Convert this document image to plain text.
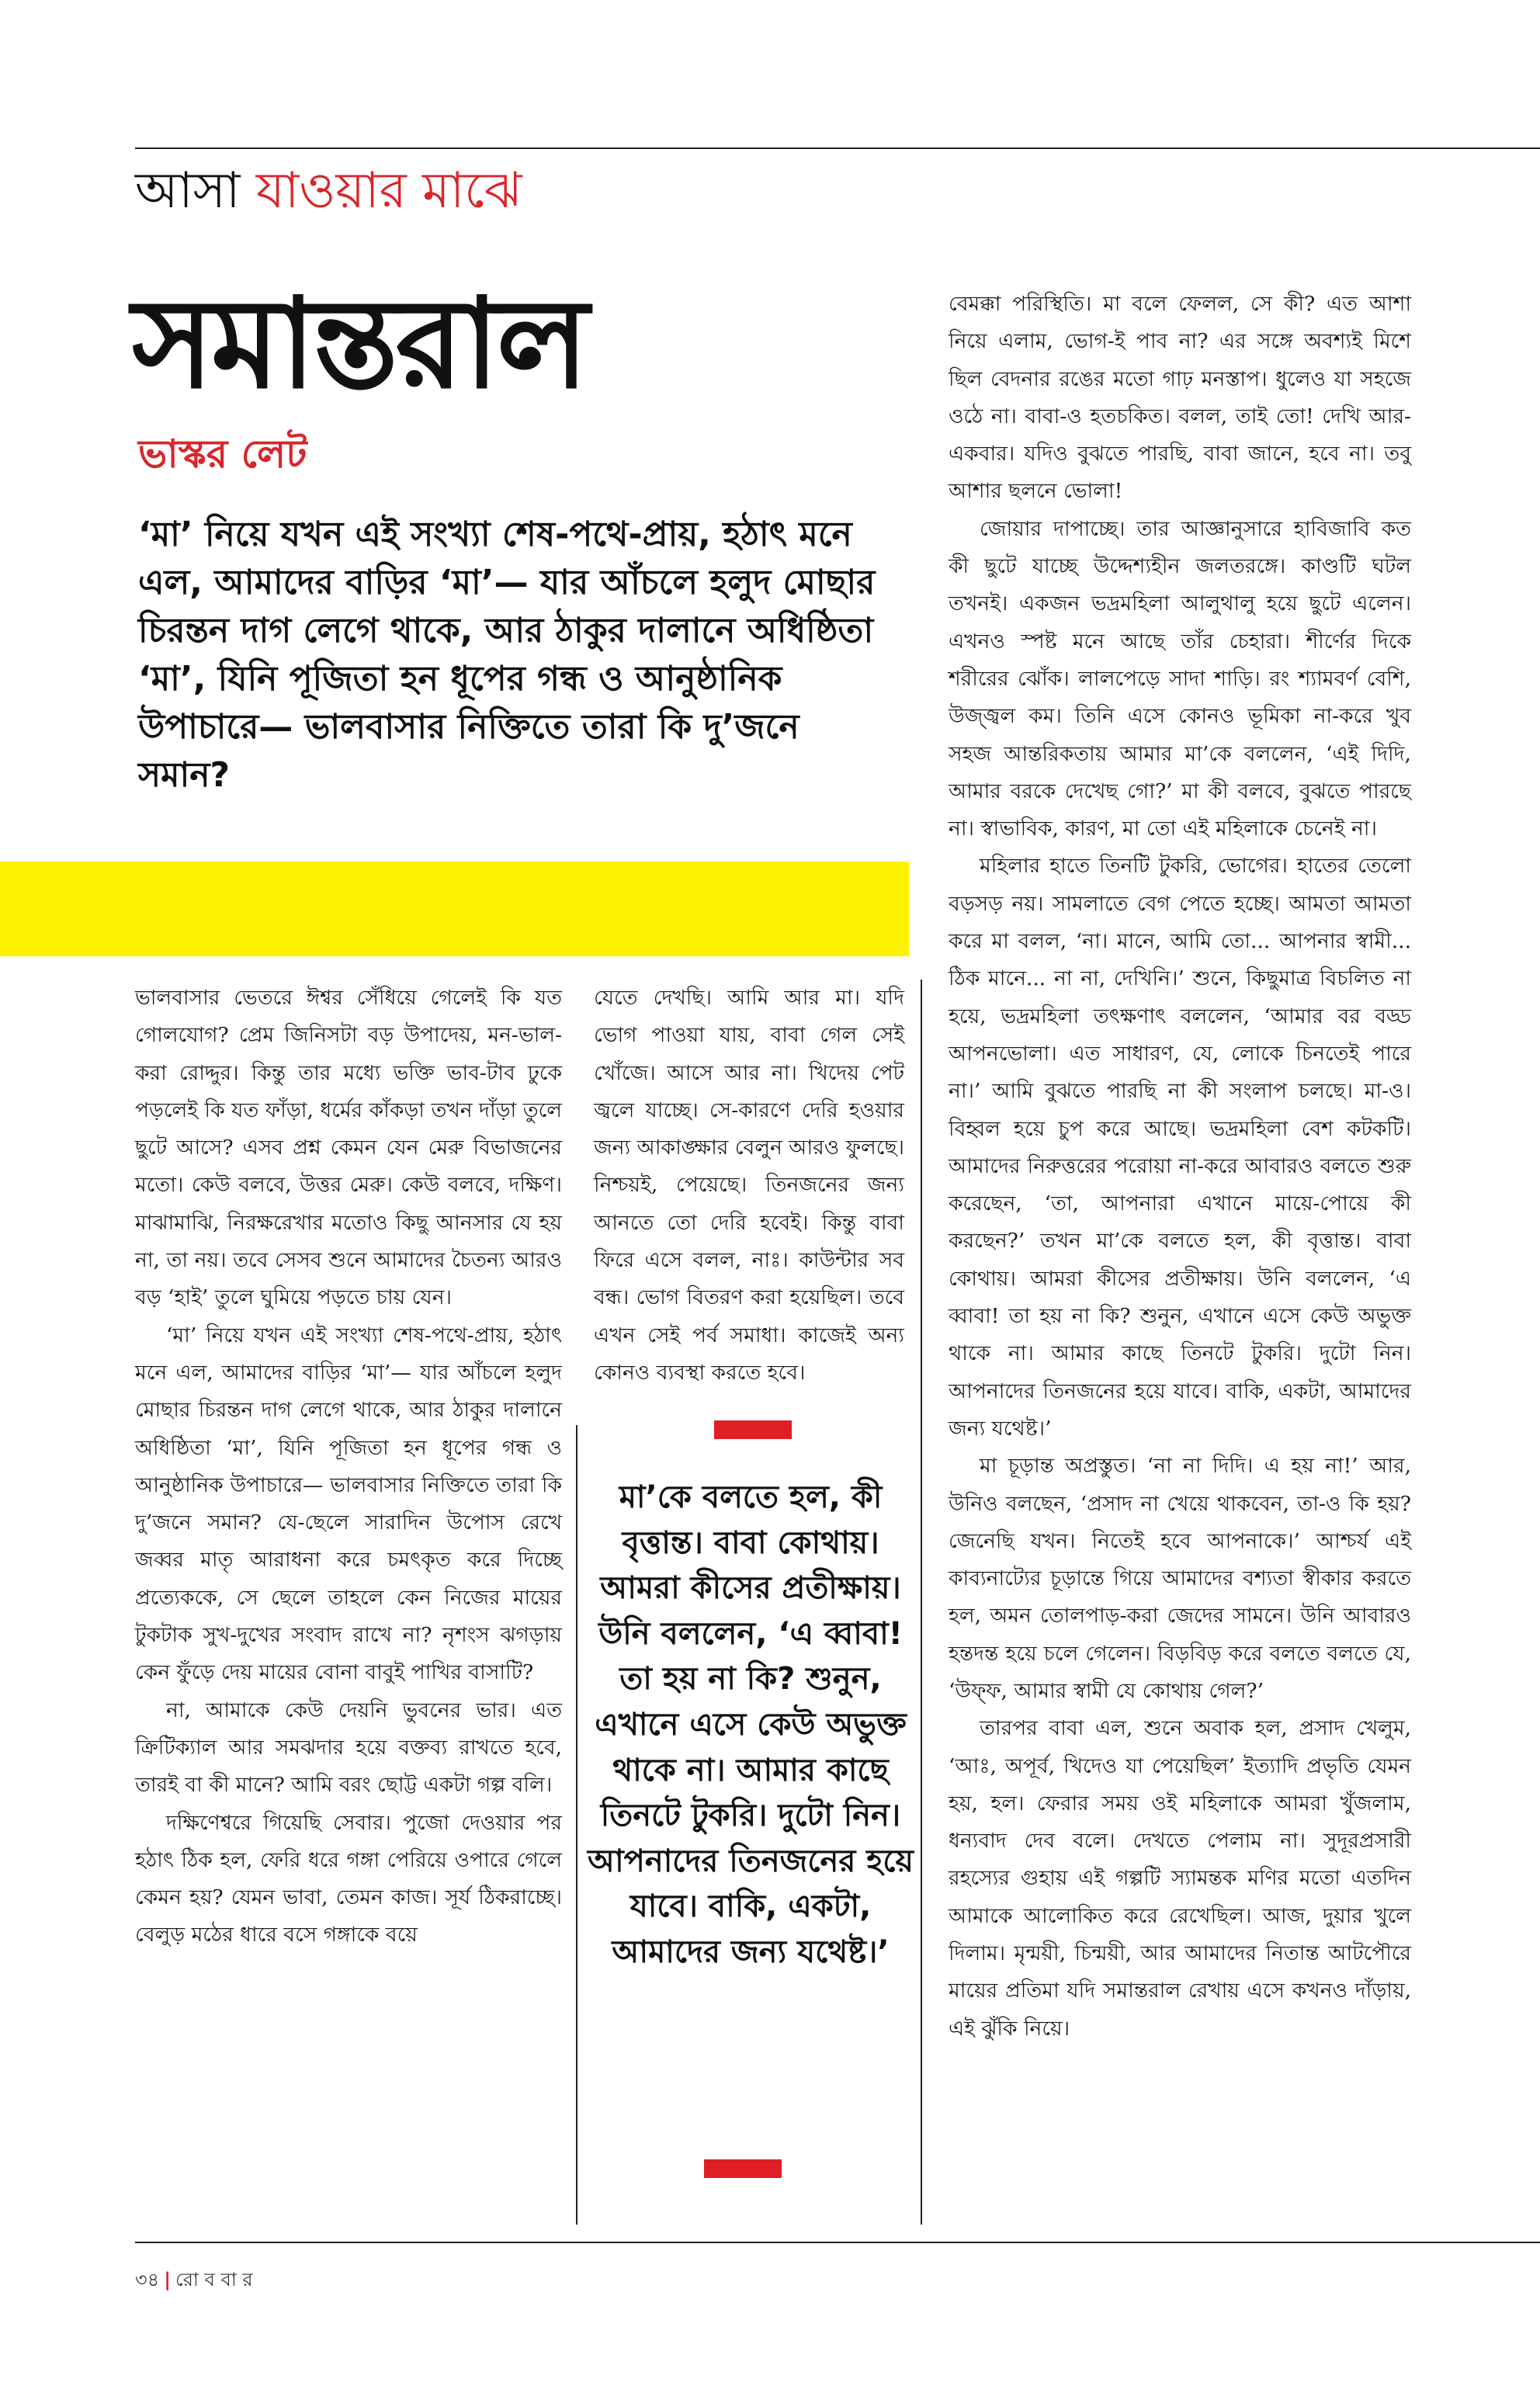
আসা যাওয়ার মাঝে
সমান্তরাল
ভাস্কর লেট
‘মা’ নিয়ে যখন এই সংখ্যা শেষ-পথে-প্রায়, হঠাৎ মনে এল, আমাদের বাড়ির ‘মা’— যার আঁচলে হলুদ মোছার চিরন্তন দাগ লেগে থাকে, আর ঠাকুর দালানে অধিষ্ঠিতা ‘মা’, যিনি পূজিতা হন ধূপের গন্ধ ও আনুষ্ঠানিক উপাচারে— ভালবাসার নিক্তিতে তারা কি দু’জনে সমান?

ভালবাসার ভেতরে ঈশ্বর সেঁধিয়ে গেলেই কি যত গোলযোগ? প্রেম জিনিসটা বড় উপাদেয়, মন-ভাল-করা রোদ্দুর। কিন্তু তার মধ্যে ভক্তি ভাব-টাব ঢুকে পড়লেই কি যত ফাঁড়া, ধর্মের কাঁকড়া তখন দাঁড়া তুলে ছুটে আসে? এসব প্রশ্ন কেমন যেন মেরু বিভাজনের মতো। কেউ বলবে, উত্তর মেরু। কেউ বলবে, দক্ষিণ। মাঝামাঝি, নিরক্ষরেখার মতোও কিছু আনসার যে হয় না, তা নয়। তবে সেসব শুনে আমাদের চৈতন্য আরও বড় ‘হাই’ তুলে ঘুমিয়ে পড়তে চায় যেন।

‘মা’ নিয়ে যখন এই সংখ্যা শেষ-পথে-প্রায়, হঠাৎ মনে এল, আমাদের বাড়ির ‘মা’— যার আঁচলে হলুদ মোছার চিরন্তন দাগ লেগে থাকে, আর ঠাকুর দালানে অধিষ্ঠিতা ‘মা’, যিনি পূজিতা হন ধূপের গন্ধ ও আনুষ্ঠানিক উপাচারে— ভালবাসার নিক্তিতে তারা কি দু’জনে সমান? যে-ছেলে সারাদিন উপোস রেখে জব্বর মাতৃ আরাধনা করে চমৎকৃত করে দিচ্ছে প্রত্যেককে, সে ছেলে তাহলে কেন নিজের মায়ের টুকটাক সুখ-দুখের সংবাদ রাখে না? নৃশংস ঝগড়ায় কেন ফুঁড়ে দেয় মায়ের বোনা বাবুই পাখির বাসাটি?

না, আমাকে কেউ দেয়নি ভুবনের ভার। এত ক্রিটিক্যাল আর সমঝদার হয়ে বক্তব্য রাখতে হবে, তারই বা কী মানে? আমি বরং ছোট্ট একটা গল্প বলি।

দক্ষিণেশ্বরে গিয়েছি সেবার। পুজো দেওয়ার পর হঠাৎ ঠিক হল, ফেরি ধরে গঙ্গা পেরিয়ে ওপারে গেলে কেমন হয়? যেমন ভাবা, তেমন কাজ। সূর্য ঠিকরাচ্ছে। বেলুড় মঠের ধারে বসে গঙ্গাকে বয়ে

যেতে দেখছি। আমি আর মা। যদি ভোগ পাওয়া যায়, বাবা গেল সেই খোঁজে। আসে আর না। খিদেয় পেট জ্বলে যাচ্ছে। সে-কারণে দেরি হওয়ার জন্য আকাঙ্ক্ষার বেলুন আরও ফুলছে। নিশ্চয়ই, পেয়েছে। তিনজনের জন্য আনতে তো দেরি হবেই। কিন্তু বাবা ফিরে এসে বলল, নাঃ। কাউন্টার সব বন্ধ। ভোগ বিতরণ করা হয়েছিল। তবে এখন সেই পর্ব সমাধা। কাজেই অন্য কোনও ব্যবস্থা করতে হবে।

মা’কে বলতে হল, কী বৃত্তান্ত। বাবা কোথায়। আমরা কীসের প্রতীক্ষায়। উনি বললেন, ‘এ ব্বাবা! তা হয় না কি? শুনুন, এখানে এসে কেউ অভুক্ত থাকে না। আমার কাছে তিনটে টুকরি। দুটো নিন। আপনাদের তিনজনের হয়ে যাবে। বাকি, একটা, আমাদের জন্য যথেষ্ট।’

বেমক্কা পরিস্থিতি। মা বলে ফেলল, সে কী? এত আশা নিয়ে এলাম, ভোগ-ই পাব না? এর সঙ্গে অবশ্যই মিশে ছিল বেদনার রঙের মতো গাঢ় মনস্তাপ। ধুলেও যা সহজে ওঠে না। বাবা-ও হতচকিত। বলল, তাই তো! দেখি আর-একবার। যদিও বুঝতে পারছি, বাবা জানে, হবে না। তবু আশার ছলনে ভোলা!

জোয়ার দাপাচ্ছে। তার আজ্ঞানুসারে হাবিজাবি কত কী ছুটে যাচ্ছে উদ্দেশ্যহীন জলতরঙ্গে। কাণ্ডটি ঘটল তখনই। একজন ভদ্রমহিলা আলুথালু হয়ে ছুটে এলেন। এখনও স্পষ্ট মনে আছে তাঁর চেহারা। শীর্ণের দিকে শরীরের ঝোঁক। লালপেড়ে সাদা শাড়ি। রং শ্যামবর্ণ বেশি, উজ্জ্বল কম। তিনি এসে কোনও ভূমিকা না-করে খুব সহজ আন্তরিকতায় আমার মা’কে বললেন, ‘এই দিদি, আমার বরকে দেখেছ গো?’ মা কী বলবে, বুঝতে পারছে না। স্বাভাবিক, কারণ, মা তো এই মহিলাকে চেনেই না।

মহিলার হাতে তিনটি টুকরি, ভোগের। হাতের তেলো বড়সড় নয়। সামলাতে বেগ পেতে হচ্ছে। আমতা আমতা করে মা বলল, ‘না। মানে, আমি তো... আপনার স্বামী... ঠিক মানে... না না, দেখিনি।’ শুনে, কিছুমাত্র বিচলিত না হয়ে, ভদ্রমহিলা তৎক্ষণাৎ বললেন, ‘আমার বর বড্ড আপনভোলা। এত সাধারণ, যে, লোকে চিনতেই পারে না।’ আমি বুঝতে পারছি না কী সংলাপ চলছে। মা-ও। বিহ্বল হয়ে চুপ করে আছে। ভদ্রমহিলা বেশ কটকটি। আমাদের নিরুত্তরের পরোয়া না-করে আবারও বলতে শুরু করেছেন, ‘তা, আপনারা এখানে মায়ে-পোয়ে কী করছেন?’ তখন মা’কে বলতে হল, কী বৃত্তান্ত। বাবা কোথায়। আমরা কীসের প্রতীক্ষায়। উনি বললেন, ‘এ ব্বাবা! তা হয় না কি? শুনুন, এখানে এসে কেউ অভুক্ত থাকে না। আমার কাছে তিনটে টুকরি। দুটো নিন। আপনাদের তিনজনের হয়ে যাবে। বাকি, একটা, আমাদের জন্য যথেষ্ট।’

মা চূড়ান্ত অপ্রস্তুত। ‘না না দিদি। এ হয় না!’ আর, উনিও বলছেন, ‘প্রসাদ না খেয়ে থাকবেন, তা-ও কি হয়? জেনেছি যখন। নিতেই হবে আপনাকে।’ আশ্চর্য এই কাব্যনাট্যের চূড়ান্তে গিয়ে আমাদের বশ্যতা স্বীকার করতে হল, অমন তোলপাড়-করা জেদের সামনে। উনি আবারও হন্তদন্ত হয়ে চলে গেলেন। বিড়বিড় করে বলতে বলতে যে, ‘উফ্ফ, আমার স্বামী যে কোথায় গেল?’

তারপর বাবা এল, শুনে অবাক হল, প্রসাদ খেলুম, ‘আঃ, অপূর্ব, খিদেও যা পেয়েছিল’ ইত্যাদি প্রভৃতি যেমন হয়, হল। ফেরার সময় ওই মহিলাকে আমরা খুঁজলাম, ধন্যবাদ দেব বলে। দেখতে পেলাম না। সুদূরপ্রসারী রহস্যের গুহায় এই গল্পটি স্যামন্তক মণির মতো এতদিন আমাকে আলোকিত করে রেখেছিল। আজ, দুয়ার খুলে দিলাম। মৃন্ময়ী, চিন্ময়ী, আর আমাদের নিতান্ত আটপৌরে মায়ের প্রতিমা যদি সমান্তরাল রেখায় এসে কখনও দাঁড়ায়, এই ঝুঁকি নিয়ে।

৩৪ | রো ব বা র
